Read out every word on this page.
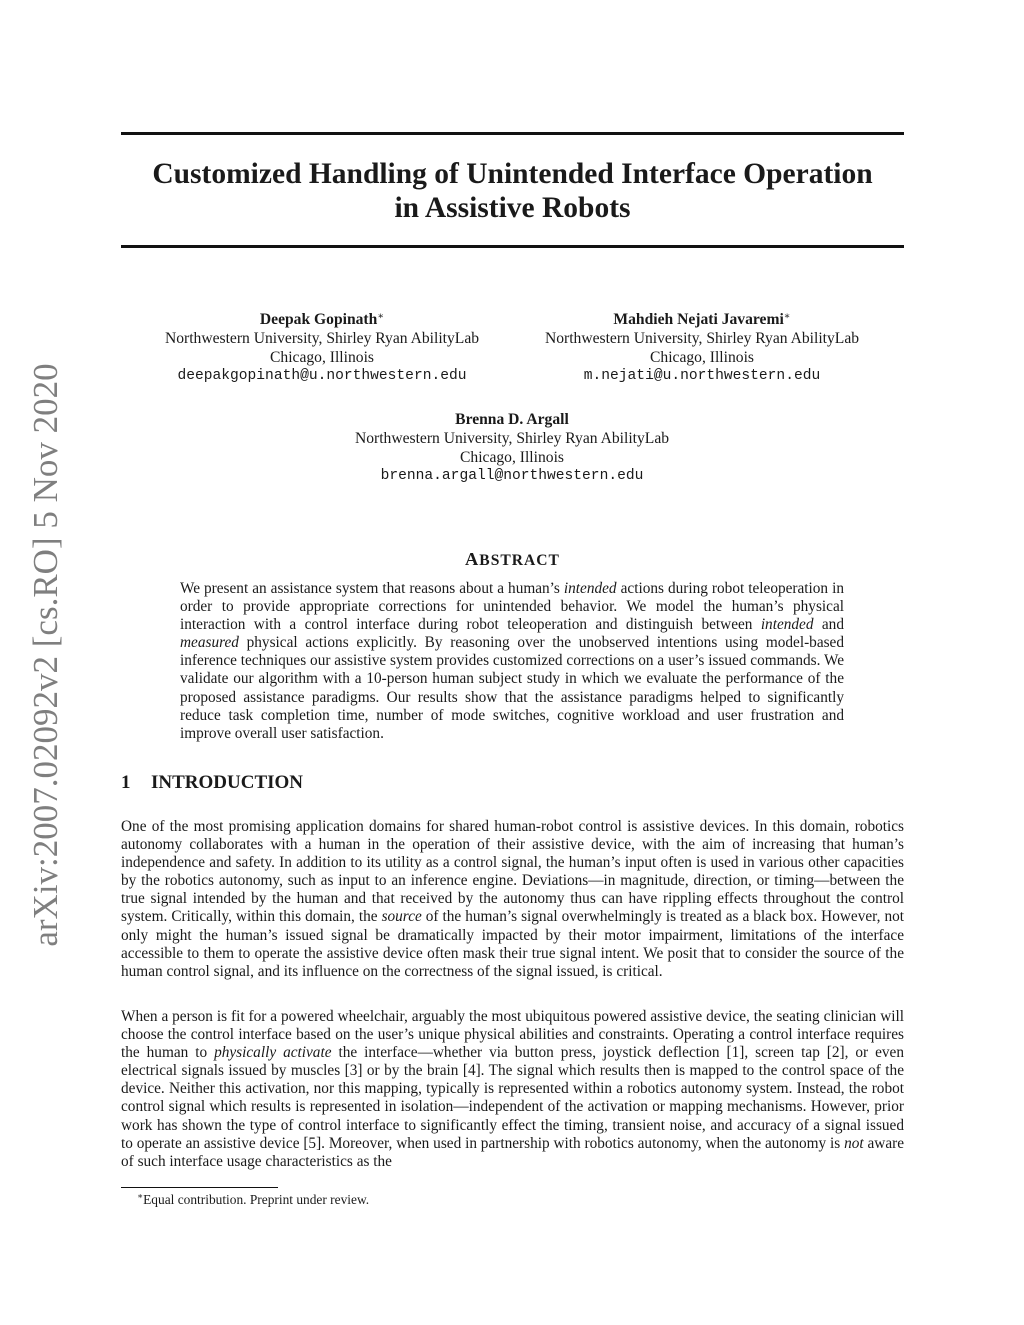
arXiv:2007.02092v2 [cs.RO] 5 Nov 2020
Customized Handling of Unintended Interface Operation
in Assistive Robots
Deepak Gopinath∗
Northwestern University, Shirley Ryan AbilityLab
Chicago, Illinois
deepakgopinath@u.northwestern.edu
Mahdieh Nejati Javaremi∗
Northwestern University, Shirley Ryan AbilityLab
Chicago, Illinois
m.nejati@u.northwestern.edu
Brenna D. Argall
Northwestern University, Shirley Ryan AbilityLab
Chicago, Illinois
brenna.argall@northwestern.edu
ABSTRACT
We present an assistance system that reasons about a human’s intended actions during robot teleoperation in order to provide appropriate corrections for unintended behavior. We model the human’s physical interaction with a control interface during robot teleoperation and distinguish between intended and measured physical actions explicitly. By reasoning over the unobserved intentions using model-based inference techniques our assistive system provides customized corrections on a user’s issued commands. We validate our algorithm with a 10-person human subject study in which we evaluate the performance of the proposed assistance paradigms. Our results show that the assistance paradigms helped to significantly reduce task completion time, number of mode switches, cognitive workload and user frustration and improve overall user satisfaction.
1 INTRODUCTION
One of the most promising application domains for shared human-robot control is assistive devices. In this domain, robotics autonomy collaborates with a human in the operation of their assistive device, with the aim of increasing that human’s independence and safety. In addition to its utility as a control signal, the human’s input often is used in various other capacities by the robotics autonomy, such as input to an inference engine. Deviations—in magnitude, direction, or timing—between the true signal intended by the human and that received by the autonomy thus can have rippling effects throughout the control system. Critically, within this domain, the source of the human’s signal overwhelmingly is treated as a black box. However, not only might the human’s issued signal be dramatically impacted by their motor impairment, limitations of the interface accessible to them to operate the assistive device often mask their true signal intent. We posit that to consider the source of the human control signal, and its influence on the correctness of the signal issued, is critical.
When a person is fit for a powered wheelchair, arguably the most ubiquitous powered assistive device, the seating clinician will choose the control interface based on the user’s unique physical abilities and constraints. Operating a control interface requires the human to physically activate the interface—whether via button press, joystick deflection [1], screen tap [2], or even electrical signals issued by muscles [3] or by the brain [4]. The signal which results then is mapped to the control space of the device. Neither this activation, nor this mapping, typically is represented within a robotics autonomy system. Instead, the robot control signal which results is represented in isolation—independent of the activation or mapping mechanisms. However, prior work has shown the type of control interface to significantly effect the timing, transient noise, and accuracy of a signal issued to operate an assistive device [5]. Moreover, when used in partnership with robotics autonomy, when the autonomy is not aware of such interface usage characteristics as the
∗Equal contribution. Preprint under review.
